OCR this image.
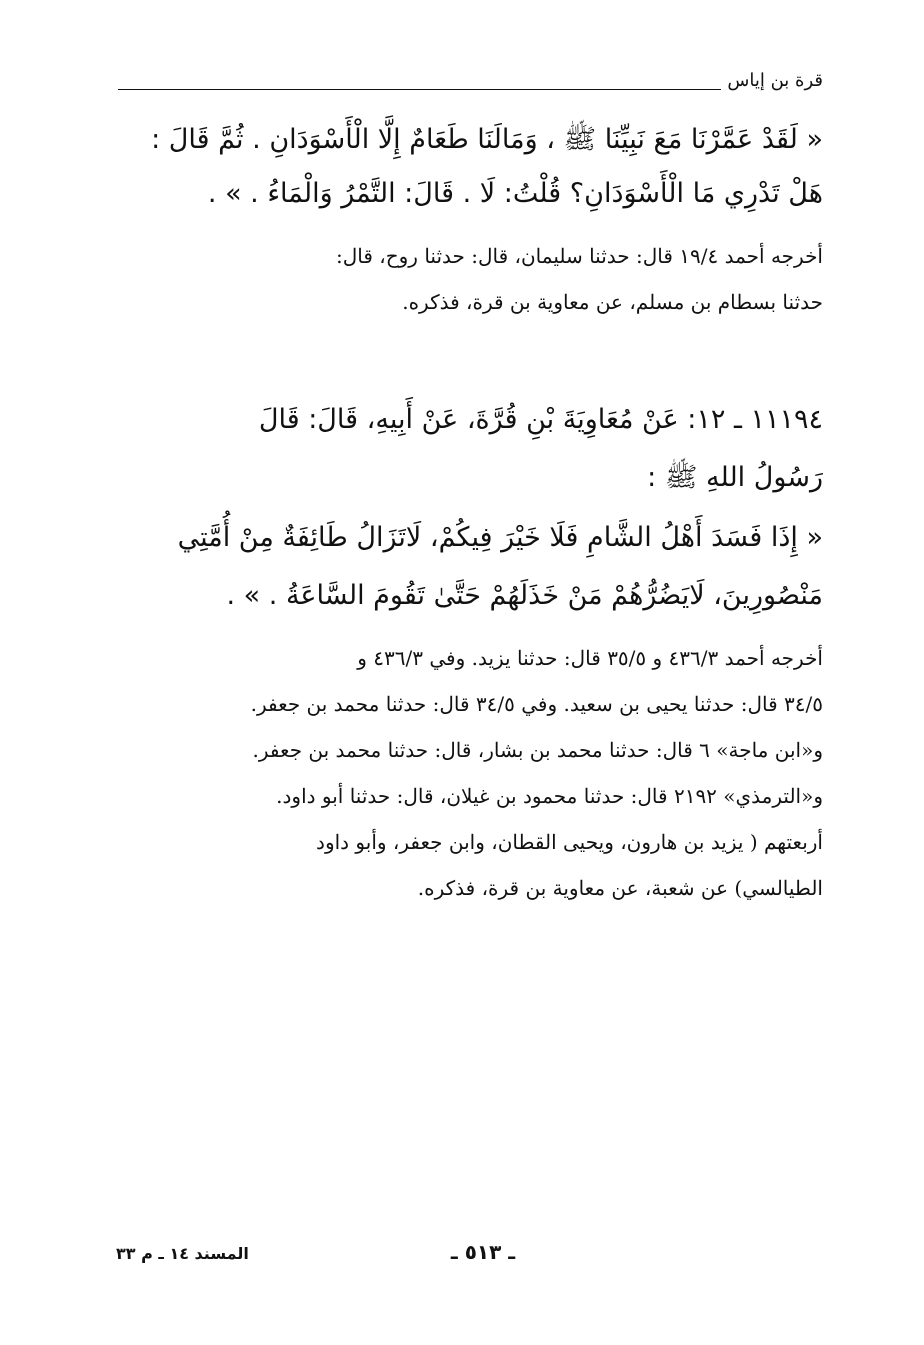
قرة بن إياس
« لَقَدْ عَمَّرْنَا مَعَ نَبِيِّنَا ﷺ ، وَمَالَنَا طَعَامٌ إِلَّا الْأَسْوَدَانِ . ثُمَّ قَالَ :
هَلْ تَدْرِي مَا الْأَسْوَدَانِ؟ قُلْتُ: لَا . قَالَ: التَّمْرُ وَالْمَاءُ . » .
أخرجه أحمد ١٩/٤ قال: حدثنا سليمان، قال: حدثنا روح، قال:
حدثنا بسطام بن مسلم، عن معاوية بن قرة، فذكره.
١١١٩٤ ـ ١٢: عَنْ مُعَاوِيَةَ بْنِ قُرَّةَ، عَنْ أَبِيهِ، قَالَ: قَالَ
رَسُولُ اللهِ ﷺ :
« إِذَا فَسَدَ أَهْلُ الشَّامِ فَلَا خَيْرَ فِيكُمْ، لَاتَزَالُ طَائِفَةٌ مِنْ أُمَّتِي
مَنْصُورِينَ، لَايَضُرُّهُمْ مَنْ خَذَلَهُمْ حَتَّىٰ تَقُومَ السَّاعَةُ . » .
أخرجه أحمد ٤٣٦/٣ و ٣٥/٥ قال: حدثنا يزيد. وفي ٤٣٦/٣ و
٣٤/٥ قال: حدثنا يحيى بن سعيد. وفي ٣٤/٥ قال: حدثنا محمد بن جعفر.
و«ابن ماجة» ٦ قال: حدثنا محمد بن بشار، قال: حدثنا محمد بن جعفر.
و«الترمذي» ٢١٩٢ قال: حدثنا محمود بن غيلان، قال: حدثنا أبو داود.
أربعتهم ( يزيد بن هارون، ويحيى القطان، وابن جعفر، وأبو داود
الطيالسي) عن شعبة، عن معاوية بن قرة، فذكره.
ـ ٥١٣ ـ
المسند ١٤ ـ م ٣٣
